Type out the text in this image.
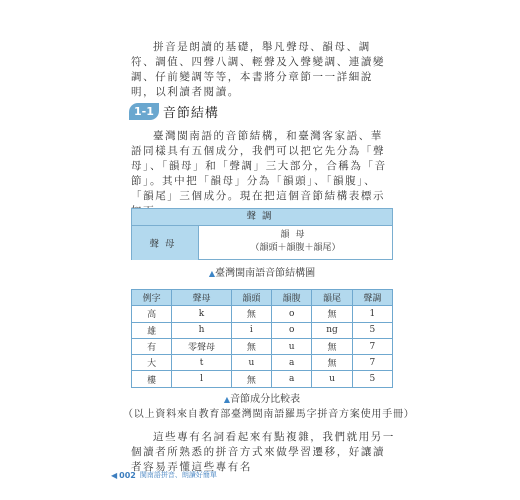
拼音是朗讀的基礎，舉凡聲母、韻母、調符、調值、四聲八調、輕聲及入聲變調、連讀變調、仔前變調等等，本書將分章節一一詳細說明，以利讀者閱讀。

1-1 音節結構

臺灣閩南語的音節結構，和臺灣客家語、華語同樣具有五個成分，我們可以把它先分為「聲母」、「韻母」和「聲調」三大部分，合稱為「音節」。其中把「韻母」分為「韻頭」、「韻腹」、「韻尾」三個成分。現在把這個音節結構表標示

聲調
聲母
韻母
（韻頭＋韻腹＋韻尾）
▲臺灣閩南語音節結構圖
例字	聲母	韻頭	韻腹	韻尾	聲調
高	k	無	o	無	1
雄	h	i	o	ng	5
有	零聲母	無	u	無	7
大	t	u	a	無	7
樓	l	無	a	u	5
▲音節成分比較表
（以上資料來自教育部臺灣閩南語羅馬字拼音方案使用手冊）

這些專有名詞看起來有點複雜，我們就用另一個讀者所熟悉的拼音方式來做學習遷移，好讓讀者容易弄懂這些專有名

◀ 002 閩南語拼音、朗讀好簡單
